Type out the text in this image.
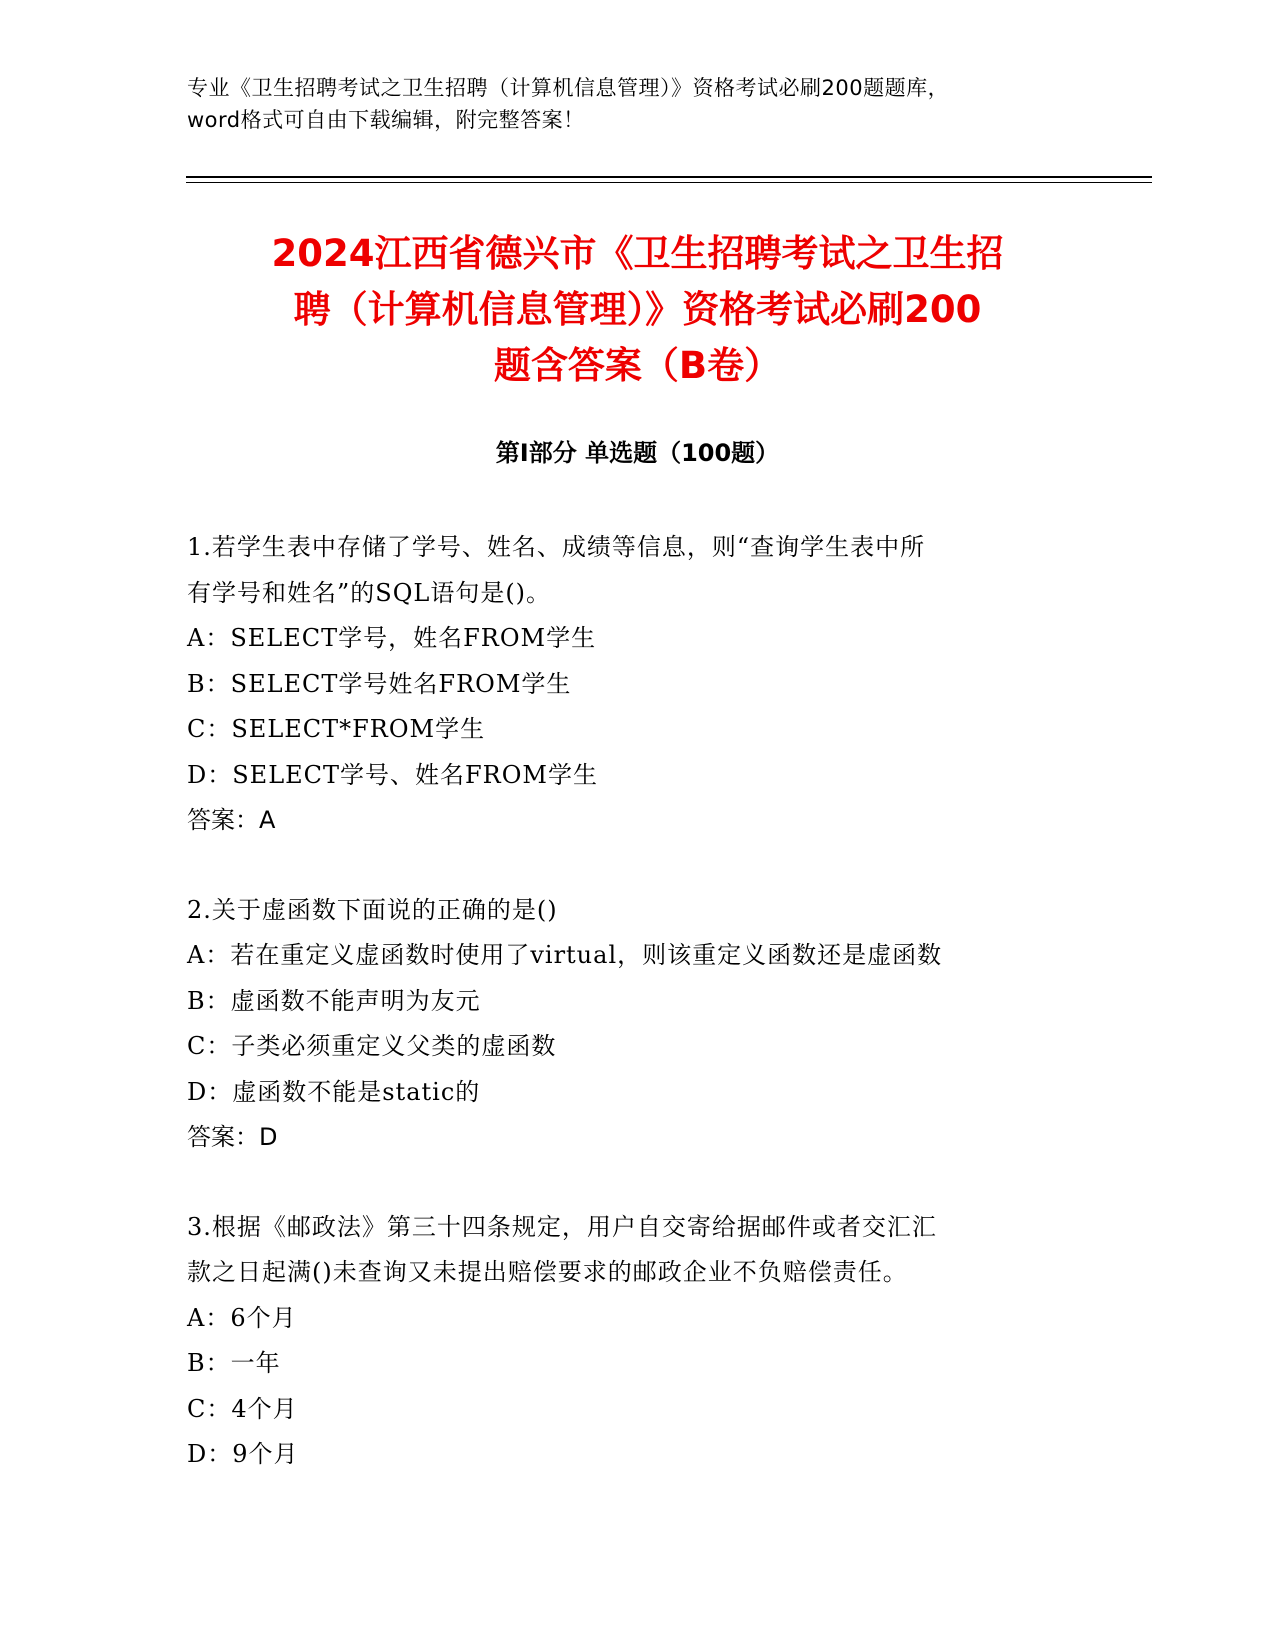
专业《卫生招聘考试之卫生招聘（计算机信息管理）》资格考试必刷200题题库，
word格式可自由下载编辑，附完整答案！
2024江西省德兴市《卫生招聘考试之卫生招
聘（计算机信息管理）》资格考试必刷200
题含答案（B卷）
第I部分 单选题（100题）
1.若学生表中存储了学号、姓名、成绩等信息，则“查询学生表中所
有学号和姓名”的SQL语句是()。
A：SELECT学号，姓名FROM学生
B：SELECT学号姓名FROM学生
C：SELECT*FROM学生
D：SELECT学号、姓名FROM学生
答案：A
2.关于虚函数下面说的正确的是()
A：若在重定义虚函数时使用了virtual，则该重定义函数还是虚函数
B：虚函数不能声明为友元
C：子类必须重定义父类的虚函数
D：虚函数不能是static的
答案：D
3.根据《邮政法》第三十四条规定，用户自交寄给据邮件或者交汇汇
款之日起满()未查询又未提出赔偿要求的邮政企业不负赔偿责任。
A：6个月
B：一年
C：4个月
D：9个月
